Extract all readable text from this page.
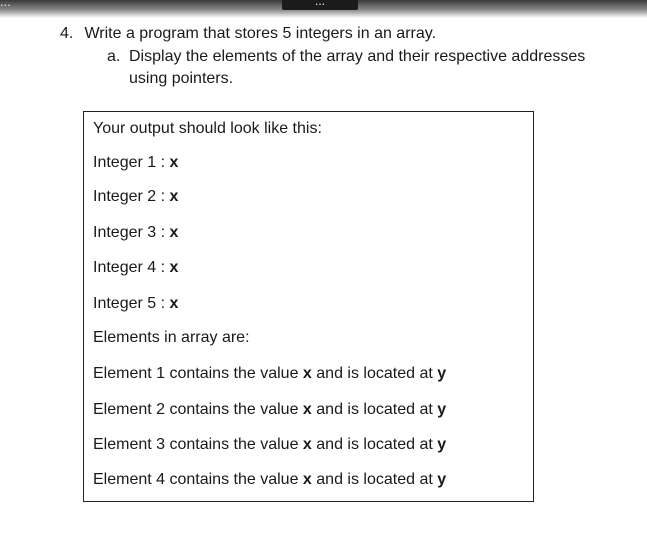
...	...
4. Write a program that stores 5 integers in an array.
a. Display the elements of the array and their respective addresses
using pointers.
Your output should look like this:
Integer 1 : x
Integer 2 : x
Integer 3 : x
Integer 4 : x
Integer 5 : x
Elements in array are:
Element 1 contains the value x and is located at y
Element 2 contains the value x and is located at y
Element 3 contains the value x and is located at y
Element 4 contains the value x and is located at y
